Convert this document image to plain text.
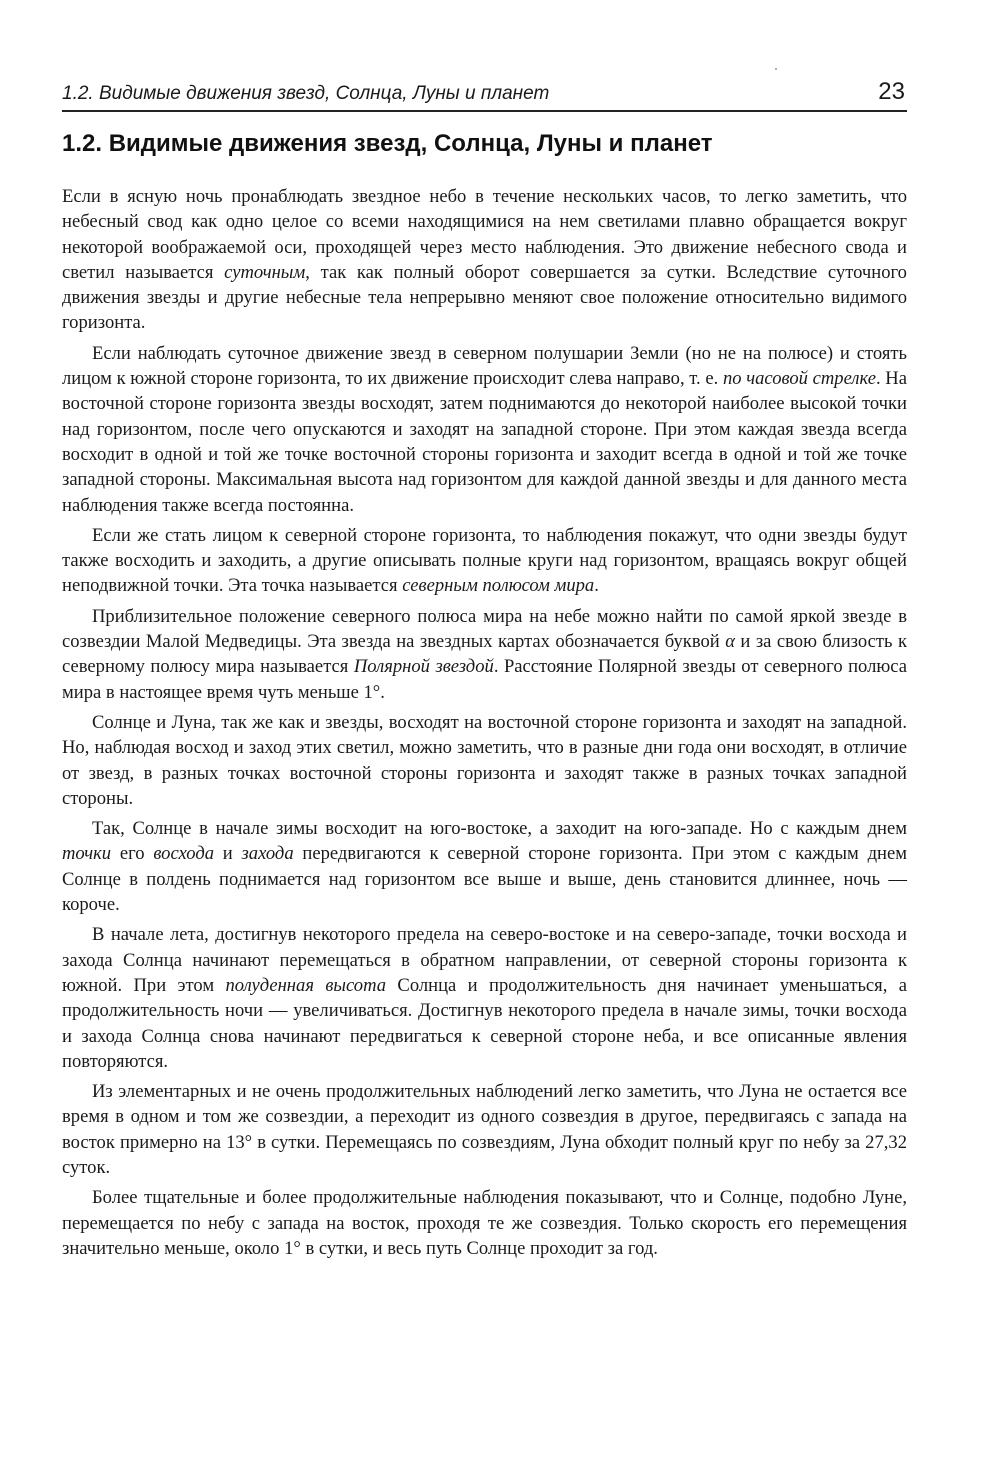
1.2. Видимые движения звезд, Солнца, Луны и планет	23
1.2. Видимые движения звезд, Солнца, Луны и планет

Если в ясную ночь пронаблюдать звездное небо в течение нескольких часов, то легко заметить, что небесный свод как одно целое со всеми находящимися на нем светилами плавно обращается вокруг некоторой воображаемой оси, проходящей через место наблюдения. Это движение небесного свода и светил называется суточным, так как полный оборот совершается за сутки. Вследствие суточного движения звезды и другие небесные тела непрерывно меняют свое положение относительно видимого горизонта.

Если наблюдать суточное движение звезд в северном полушарии Земли (но не на полюсе) и стоять лицом к южной стороне горизонта, то их движение происходит слева направо, т. е. по часовой стрелке. На восточной стороне горизонта звезды восходят, затем поднимаются до некоторой наиболее высокой точки над горизонтом, после чего опускаются и заходят на западной стороне. При этом каждая звезда всегда восходит в одной и той же точке восточной стороны горизонта и заходит всегда в одной и той же точке западной стороны. Максимальная высота над горизонтом для каждой данной звезды и для данного места наблюдения также всегда постоянна.

Если же стать лицом к северной стороне горизонта, то наблюдения покажут, что одни звезды будут также восходить и заходить, а другие описывать полные круги над горизонтом, вращаясь вокруг общей неподвижной точки. Эта точка называется северным полюсом мира.

Приблизительное положение северного полюса мира на небе можно найти по самой яркой звезде в созвездии Малой Медведицы. Эта звезда на звездных картах обозначается буквой α и за свою близость к северному полюсу мира называется Полярной звездой. Расстояние Полярной звезды от северного полюса мира в настоящее время чуть меньше 1°.

Солнце и Луна, так же как и звезды, восходят на восточной стороне горизонта и заходят на западной. Но, наблюдая восход и заход этих светил, можно заметить, что в разные дни года они восходят, в отличие от звезд, в разных точках восточной стороны горизонта и заходят также в разных точках западной стороны.

Так, Солнце в начале зимы восходит на юго-востоке, а заходит на юго-западе. Но с каждым днем точки его восхода и захода передвигаются к северной стороне горизонта. При этом с каждым днем Солнце в полдень поднимается над горизонтом все выше и выше, день становится длиннее, ночь — короче.

В начале лета, достигнув некоторого предела на северо-востоке и на северо-западе, точки восхода и захода Солнца начинают перемещаться в обратном направлении, от северной стороны горизонта к южной. При этом полуденная высота Солнца и продолжительность дня начинает уменьшаться, а продолжительность ночи — увеличиваться. Достигнув некоторого предела в начале зимы, точки восхода и захода Солнца снова начинают передвигаться к северной стороне неба, и все описанные явления повторяются.

Из элементарных и не очень продолжительных наблюдений легко заметить, что Луна не остается все время в одном и том же созвездии, а переходит из одного созвездия в другое, передвигаясь с запада на восток примерно на 13° в сутки. Перемещаясь по созвездиям, Луна обходит полный круг по небу за 27,32 суток.

Более тщательные и более продолжительные наблюдения показывают, что и Солнце, подобно Луне, перемещается по небу с запада на восток, проходя те же созвездия. Только скорость его перемещения значительно меньше, около 1° в сутки, и весь путь Солнце проходит за год.
